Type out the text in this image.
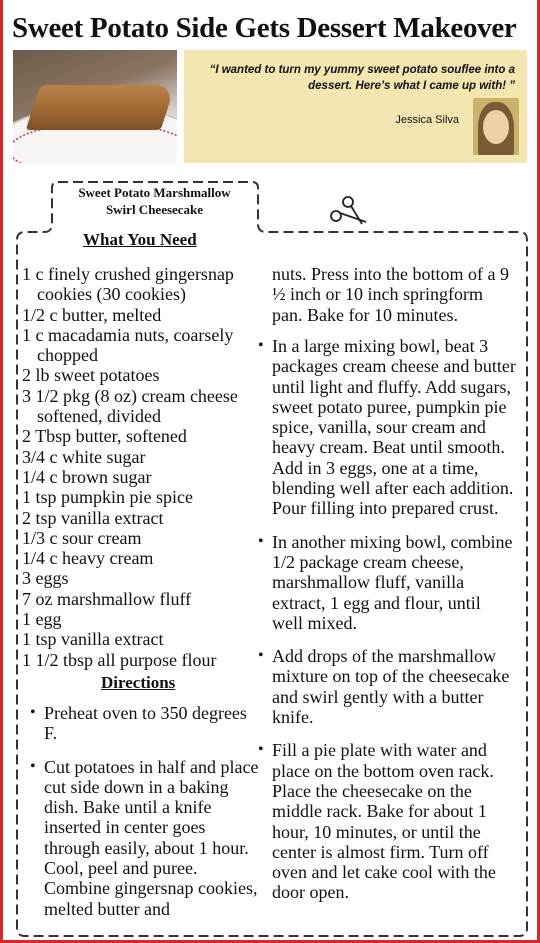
Sweet Potato Side Gets Dessert Makeover
“I wanted to turn my yummy sweet potato souflee into a dessert. Here’s what I came up with! ”
Jessica Silva
Sweet Potato Marshmallow
Swirl Cheesecake
What You Need
1 c finely crushed gingersnap cookies (30 cookies)
1/2 c butter, melted
1 c macadamia nuts, coarsely chopped
2 lb sweet potatoes
3 1/2 pkg (8 oz) cream cheese softened, divided
2 Tbsp butter, softened
3/4 c white sugar
1/4 c brown sugar
1 tsp pumpkin pie spice
2 tsp vanilla extract
1/3 c sour cream
1/4 c heavy cream
3 eggs
7 oz marshmallow fluff
1 egg
1 tsp vanilla extract
1 1/2 tbsp all purpose flour
Directions
• Preheat oven to 350 degrees F.
• Cut potatoes in half and place cut side down in a baking dish. Bake until a knife inserted in center goes through easily, about 1 hour. Cool, peel and puree. Combine gingersnap cookies, melted butter and
nuts. Press into the bottom of a 9 ½ inch or 10 inch springform pan. Bake for 10 minutes.
• In a large mixing bowl, beat 3 packages cream cheese and butter until light and fluffy. Add sugars, sweet potato puree, pumpkin pie spice, vanilla, sour cream and heavy cream. Beat until smooth. Add in 3 eggs, one at a time, blending well after each addition. Pour filling into prepared crust.
• In another mixing bowl, combine 1/2 package cream cheese, marshmallow fluff, vanilla extract, 1 egg and flour, until well mixed.
• Add drops of the marshmallow mixture on top of the cheesecake and swirl gently with a butter knife.
• Fill a pie plate with water and place on the bottom oven rack. Place the cheesecake on the middle rack. Bake for about 1 hour, 10 minutes, or until the center is almost firm. Turn off oven and let cake cool with the door open.
